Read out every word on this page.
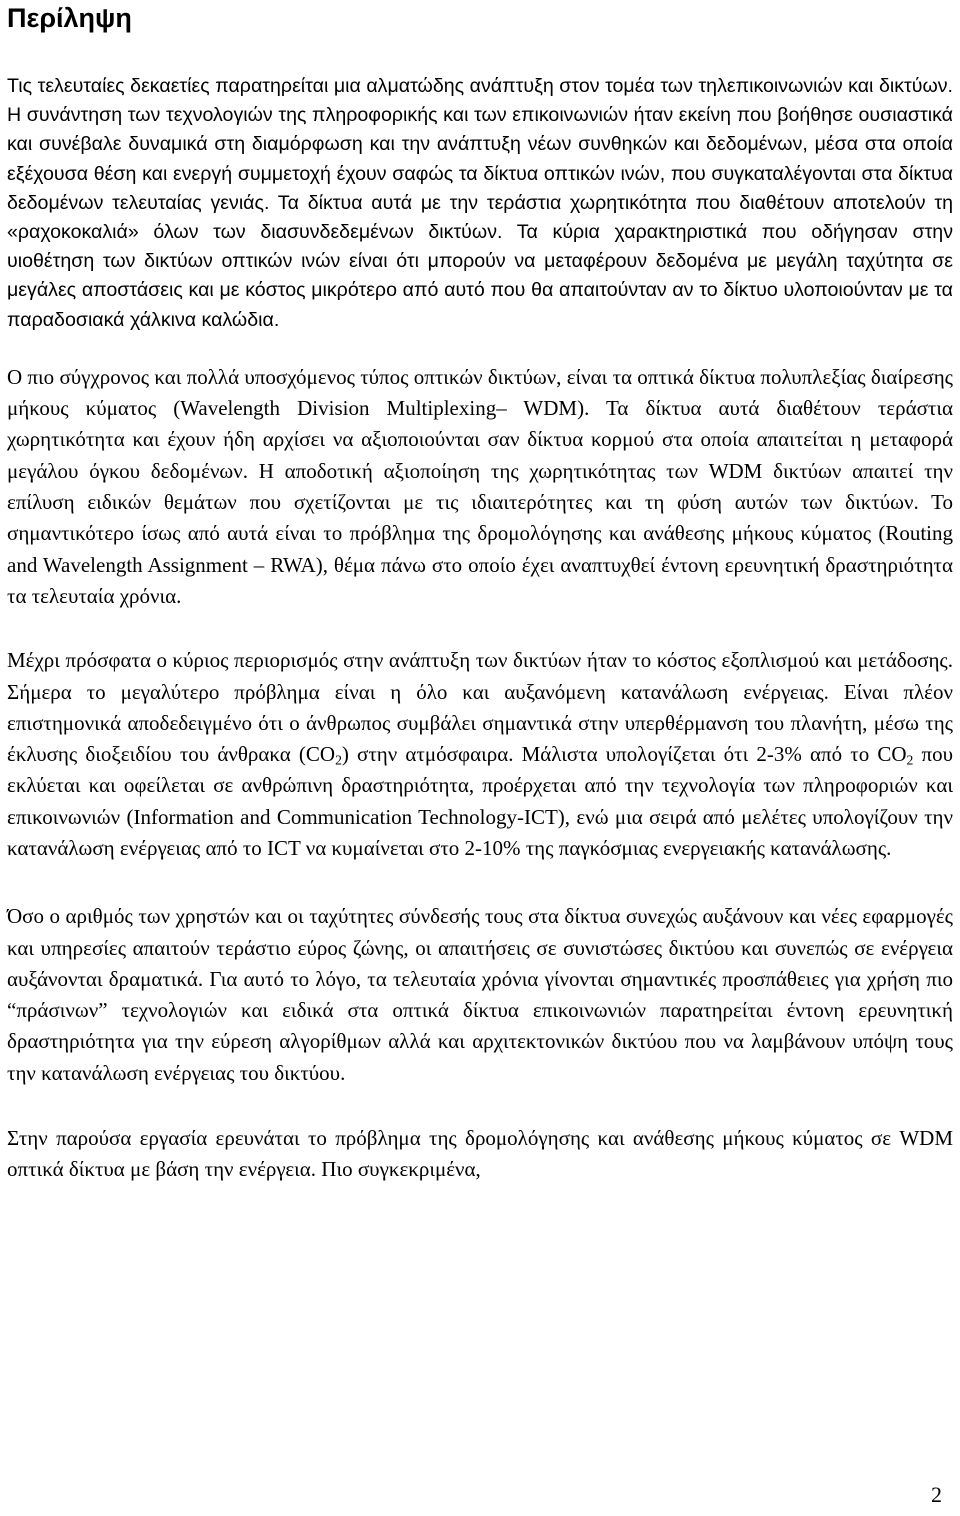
Περίληψη

Τις τελευταίες δεκαετίες παρατηρείται μια αλματώδης ανάπτυξη στον τομέα των τηλεπικοινωνιών και δικτύων. Η συνάντηση των τεχνολογιών της πληροφορικής και των επικοινωνιών ήταν εκείνη που βοήθησε ουσιαστικά και συνέβαλε δυναμικά στη διαμόρφωση και την ανάπτυξη νέων συνθηκών και δεδομένων, μέσα στα οποία εξέχουσα θέση και ενεργή συμμετοχή έχουν σαφώς τα δίκτυα οπτικών ινών, που συγκαταλέγονται στα δίκτυα δεδομένων τελευταίας γενιάς. Τα δίκτυα αυτά με την τεράστια χωρητικότητα που διαθέτουν αποτελούν τη «ραχοκοκαλιά» όλων των διασυνδεδεμένων δικτύων. Τα κύρια χαρακτηριστικά που οδήγησαν στην υιοθέτηση των δικτύων οπτικών ινών είναι ότι μπορούν να μεταφέρουν δεδομένα με μεγάλη ταχύτητα σε μεγάλες αποστάσεις και με κόστος μικρότερο από αυτό που θα απαιτούνταν αν το δίκτυο υλοποιούνταν με τα παραδοσιακά χάλκινα καλώδια.

Ο πιο σύγχρονος και πολλά υποσχόμενος τύπος οπτικών δικτύων, είναι τα οπτικά δίκτυα πολυπλεξίας διαίρεσης μήκους κύματος (Wavelength Division Multiplexing– WDM). Τα δίκτυα αυτά διαθέτουν τεράστια χωρητικότητα και έχουν ήδη αρχίσει να αξιοποιούνται σαν δίκτυα κορμού στα οποία απαιτείται η μεταφορά μεγάλου όγκου δεδομένων. Η αποδοτική αξιοποίηση της χωρητικότητας των WDM δικτύων απαιτεί την επίλυση ειδικών θεμάτων που σχετίζονται με τις ιδιαιτερότητες και τη φύση αυτών των δικτύων. Το σημαντικότερο ίσως από αυτά είναι το πρόβλημα της δρομολόγησης και ανάθεσης μήκους κύματος (Routing and Wavelength Assignment – RWA), θέμα πάνω στο οποίο έχει αναπτυχθεί έντονη ερευνητική δραστηριότητα τα τελευταία χρόνια.

Μέχρι πρόσφατα ο κύριος περιορισμός στην ανάπτυξη των δικτύων ήταν το κόστος εξοπλισμού και μετάδοσης. Σήμερα το μεγαλύτερο πρόβλημα είναι η όλο και αυξανόμενη κατανάλωση ενέργειας. Είναι πλέον επιστημονικά αποδεδειγμένο ότι ο άνθρωπος συμβάλει σημαντικά στην υπερθέρμανση του πλανήτη, μέσω της έκλυσης διοξειδίου του άνθρακα $(CO_2)$ στην ατμόσφαιρα. Μάλιστα υπολογίζεται ότι 2-3% από το $CO_2$ που εκλύεται και οφείλεται σε ανθρώπινη δραστηριότητα, προέρχεται από την τεχνολογία των πληροφοριών και επικοινωνιών (Information and Communication Technology-ICT), ενώ μια σειρά από μελέτες υπολογίζουν την κατανάλωση ενέργειας από το ICT να κυμαίνεται στο 2-10% της παγκόσμιας ενεργειακής κατανάλωσης.

Όσο ο αριθμός των χρηστών και οι ταχύτητες σύνδεσής τους στα δίκτυα συνεχώς αυξάνουν και νέες εφαρμογές και υπηρεσίες απαιτούν τεράστιο εύρος ζώνης, οι απαιτήσεις σε συνιστώσες δικτύου και συνεπώς σε ενέργεια αυξάνονται δραματικά. Για αυτό το λόγο, τα τελευταία χρόνια γίνονται σημαντικές προσπάθειες για χρήση πιο “πράσινων” τεχνολογιών και ειδικά στα οπτικά δίκτυα επικοινωνιών παρατηρείται έντονη ερευνητική δραστηριότητα για την εύρεση αλγορίθμων αλλά και αρχιτεκτονικών δικτύου που να λαμβάνουν υπόψη τους την κατανάλωση ενέργειας του δικτύου.

Στην παρούσα εργασία ερευνάται το πρόβλημα της δρομολόγησης και ανάθεσης μήκους κύματος σε WDM οπτικά δίκτυα με βάση την ενέργεια. Πιο συγκεκριμένα,

2
